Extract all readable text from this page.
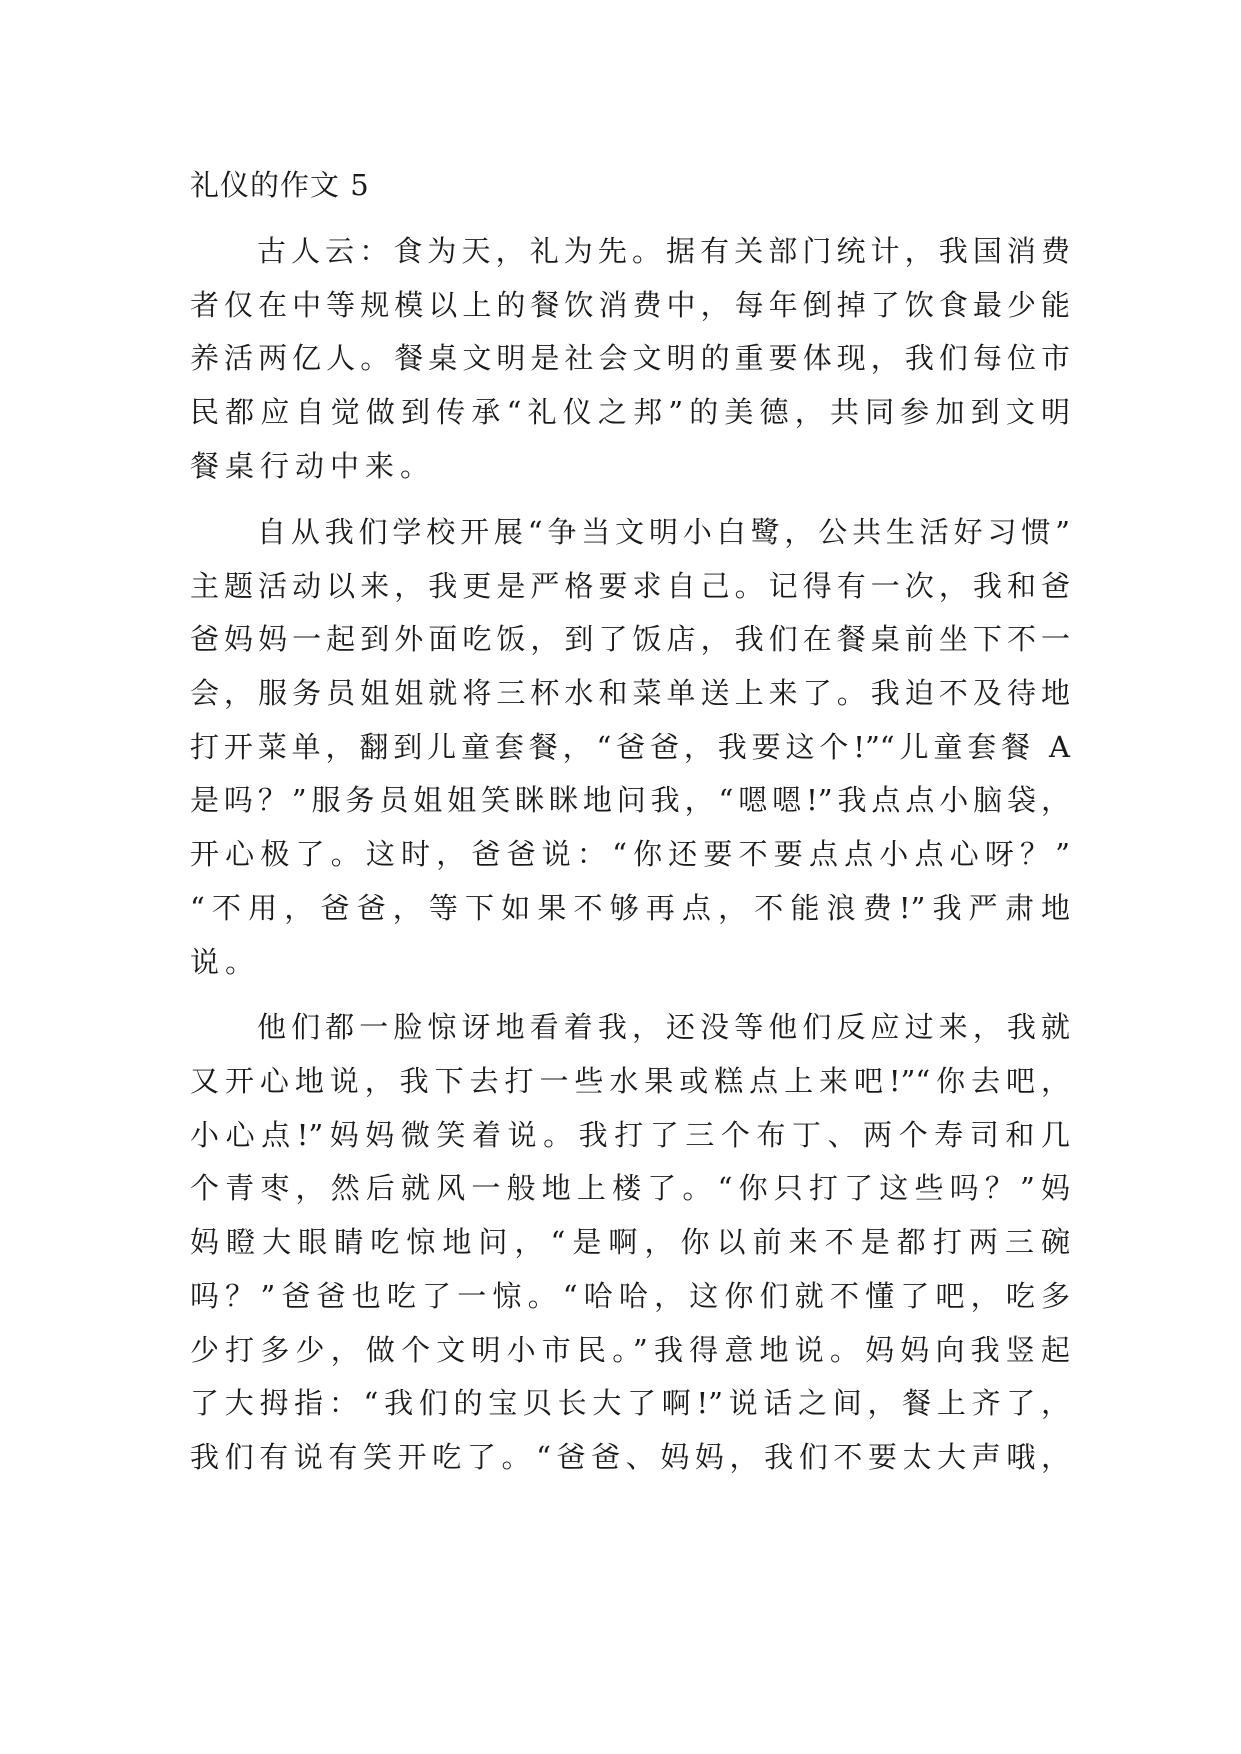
礼仪的作文 5
古人云：食为天，礼为先。据有关部门统计，我国消费
者仅在中等规模以上的餐饮消费中，每年倒掉了饮食最少能
养活两亿人。餐桌文明是社会文明的重要体现，我们每位市
民都应自觉做到传承“礼仪之邦”的美德，共同参加到文明
餐桌行动中来。
自从我们学校开展“争当文明小白鹭，公共生活好习惯”
主题活动以来，我更是严格要求自己。记得有一次，我和爸
爸妈妈一起到外面吃饭，到了饭店，我们在餐桌前坐下不一
会，服务员姐姐就将三杯水和菜单送上来了。我迫不及待地
打开菜单，翻到儿童套餐，“爸爸，我要这个!”“儿童套餐 A
是吗？”服务员姐姐笑眯眯地问我，“嗯嗯!”我点点小脑袋，
开心极了。这时，爸爸说：“你还要不要点点小点心呀？”
“不用，爸爸，等下如果不够再点，不能浪费!”我严肃地
说。
他们都一脸惊讶地看着我，还没等他们反应过来，我就
又开心地说，我下去打一些水果或糕点上来吧!”“你去吧，
小心点!”妈妈微笑着说。我打了三个布丁、两个寿司和几
个青枣，然后就风一般地上楼了。“你只打了这些吗？”妈
妈瞪大眼睛吃惊地问，“是啊，你以前来不是都打两三碗
吗？”爸爸也吃了一惊。“哈哈，这你们就不懂了吧，吃多
少打多少，做个文明小市民。”我得意地说。妈妈向我竖起
了大拇指：“我们的宝贝长大了啊!”说话之间，餐上齐了，
我们有说有笑开吃了。“爸爸、妈妈，我们不要太大声哦，
